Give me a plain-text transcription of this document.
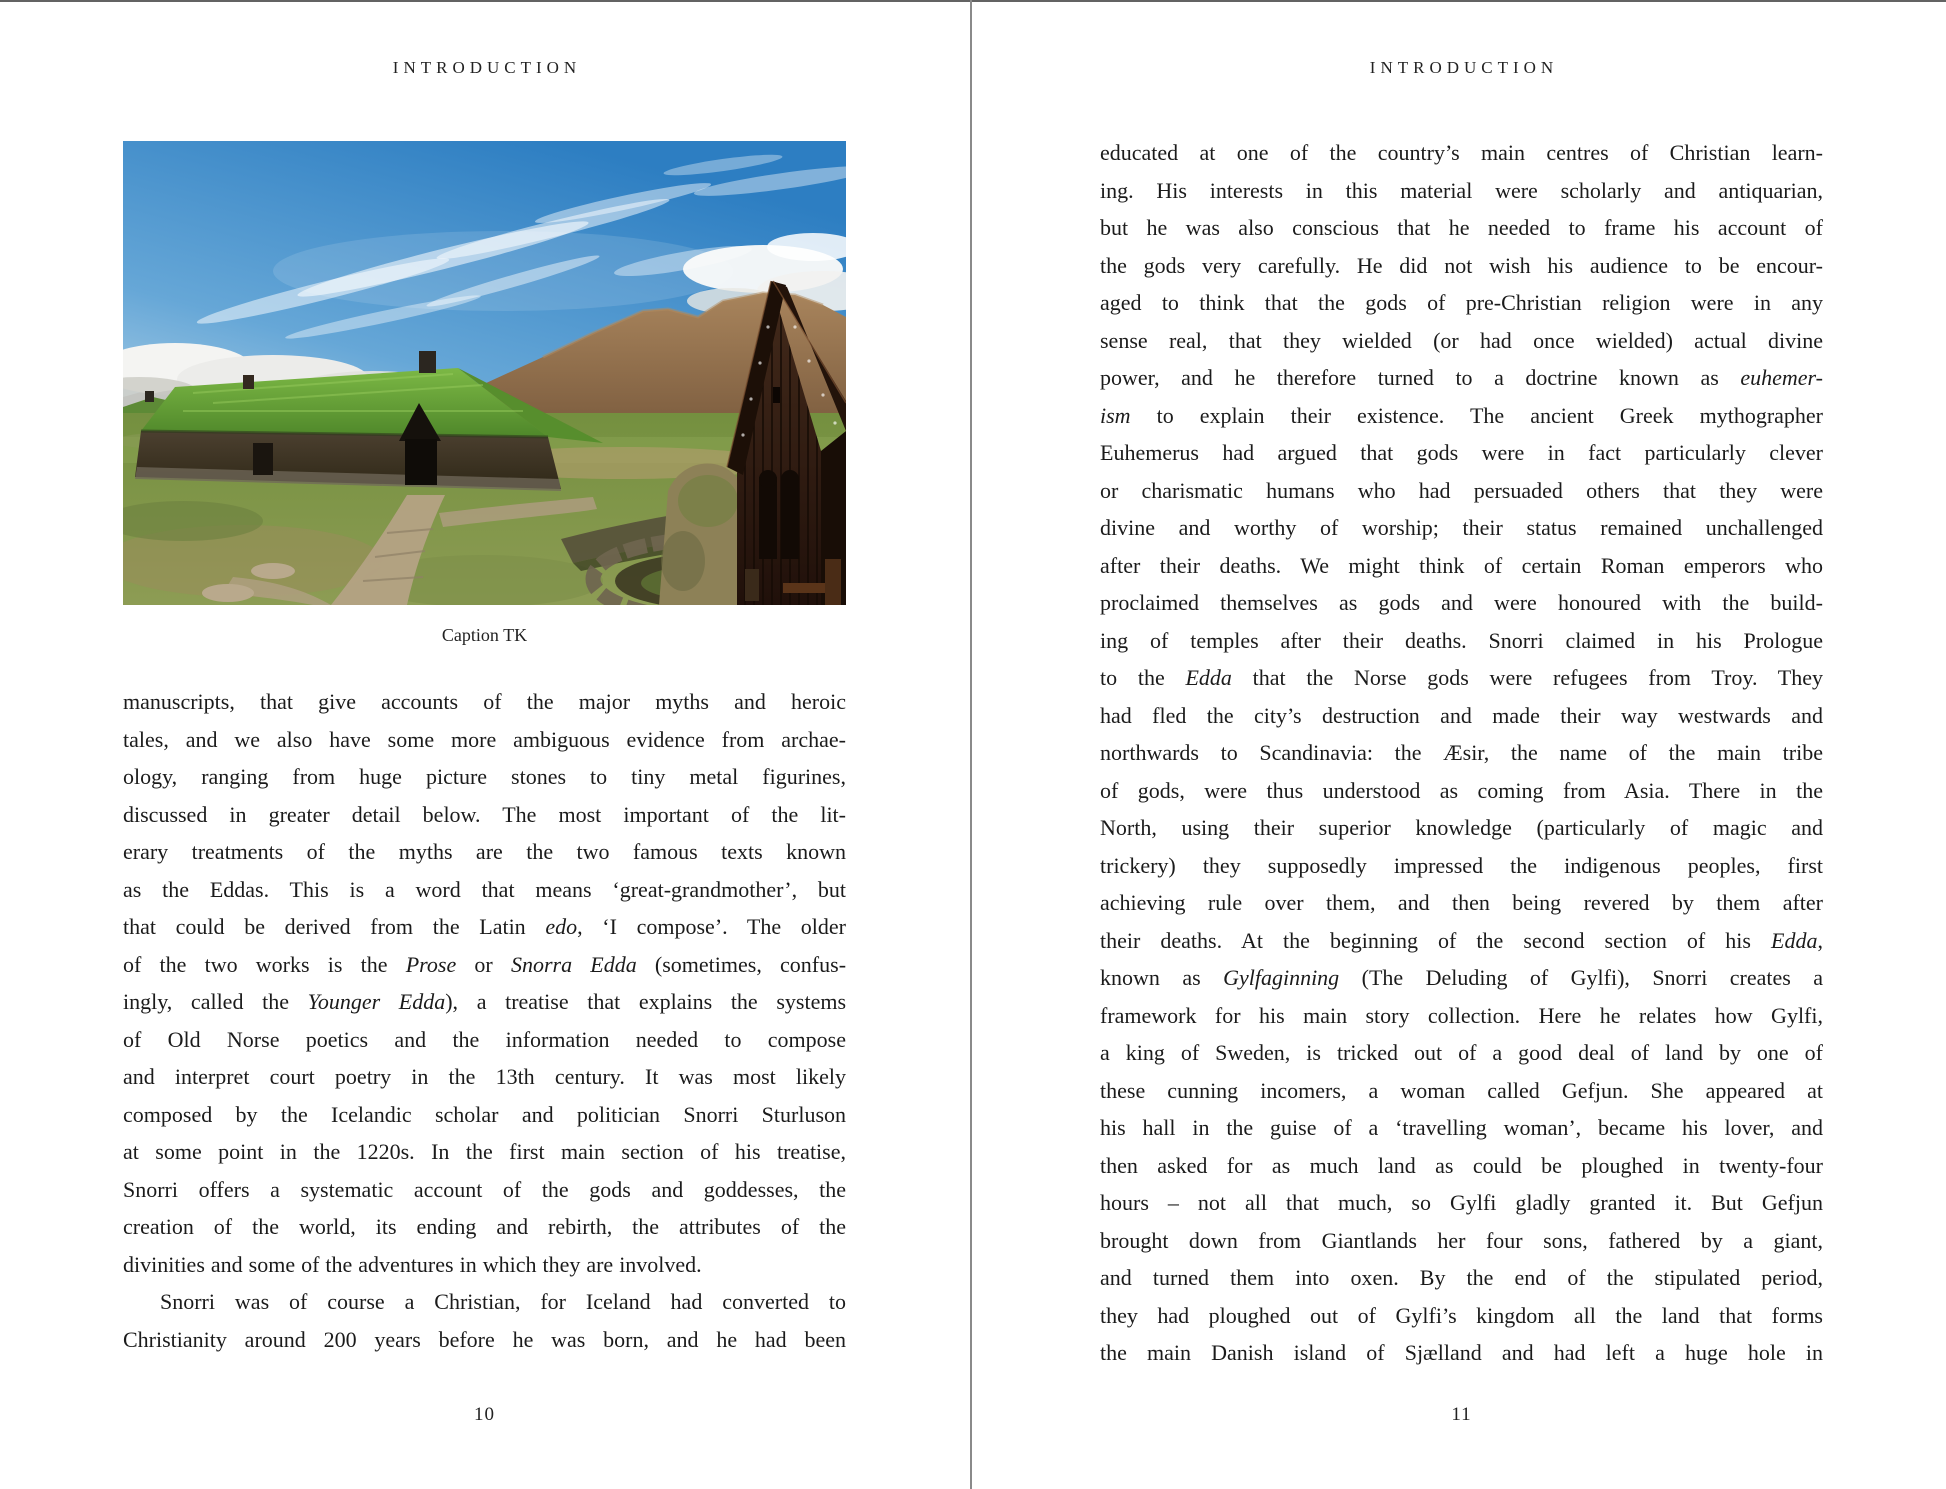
INTRODUCTION
Caption TK
manuscripts, that give accounts of the major myths and heroic
tales, and we also have some more ambiguous evidence from archae-
ology, ranging from huge picture stones to tiny metal figurines,
discussed in greater detail below. The most important of the lit-
erary treatments of the myths are the two famous texts known
as the Eddas. This is a word that means ‘great-grandmother’, but
that could be derived from the Latin edo, ‘I compose’. The older
of the two works is the Prose or Snorra Edda (sometimes, confus-
ingly, called the Younger Edda), a treatise that explains the systems
of Old Norse poetics and the information needed to compose
and interpret court poetry in the 13th century. It was most likely
composed by the Icelandic scholar and politician Snorri Sturluson
at some point in the 1220s. In the first main section of his treatise,
Snorri offers a systematic account of the gods and goddesses, the
creation of the world, its ending and rebirth, the attributes of the
divinities and some of the adventures in which they are involved.
Snorri was of course a Christian, for Iceland had converted to
Christianity around 200 years before he was born, and he had been
10
INTRODUCTION
educated at one of the country’s main centres of Christian learn-
ing. His interests in this material were scholarly and antiquarian,
but he was also conscious that he needed to frame his account of
the gods very carefully. He did not wish his audience to be encour-
aged to think that the gods of pre-Christian religion were in any
sense real, that they wielded (or had once wielded) actual divine
power, and he therefore turned to a doctrine known as euhemer-
ism to explain their existence. The ancient Greek mythographer
Euhemerus had argued that gods were in fact particularly clever
or charismatic humans who had persuaded others that they were
divine and worthy of worship; their status remained unchallenged
after their deaths. We might think of certain Roman emperors who
proclaimed themselves as gods and were honoured with the build-
ing of temples after their deaths. Snorri claimed in his Prologue
to the Edda that the Norse gods were refugees from Troy. They
had fled the city’s destruction and made their way westwards and
northwards to Scandinavia: the Æsir, the name of the main tribe
of gods, were thus understood as coming from Asia. There in the
North, using their superior knowledge (particularly of magic and
trickery) they supposedly impressed the indigenous peoples, first
achieving rule over them, and then being revered by them after
their deaths. At the beginning of the second section of his Edda,
known as Gylfaginning (The Deluding of Gylfi), Snorri creates a
framework for his main story collection. Here he relates how Gylfi,
a king of Sweden, is tricked out of a good deal of land by one of
these cunning incomers, a woman called Gefjun. She appeared at
his hall in the guise of a ‘travelling woman’, became his lover, and
then asked for as much land as could be ploughed in twenty-four
hours – not all that much, so Gylfi gladly granted it. But Gefjun
brought down from Giantlands her four sons, fathered by a giant,
and turned them into oxen. By the end of the stipulated period,
they had ploughed out of Gylfi’s kingdom all the land that forms
the main Danish island of Sjælland and had left a huge hole in
11
